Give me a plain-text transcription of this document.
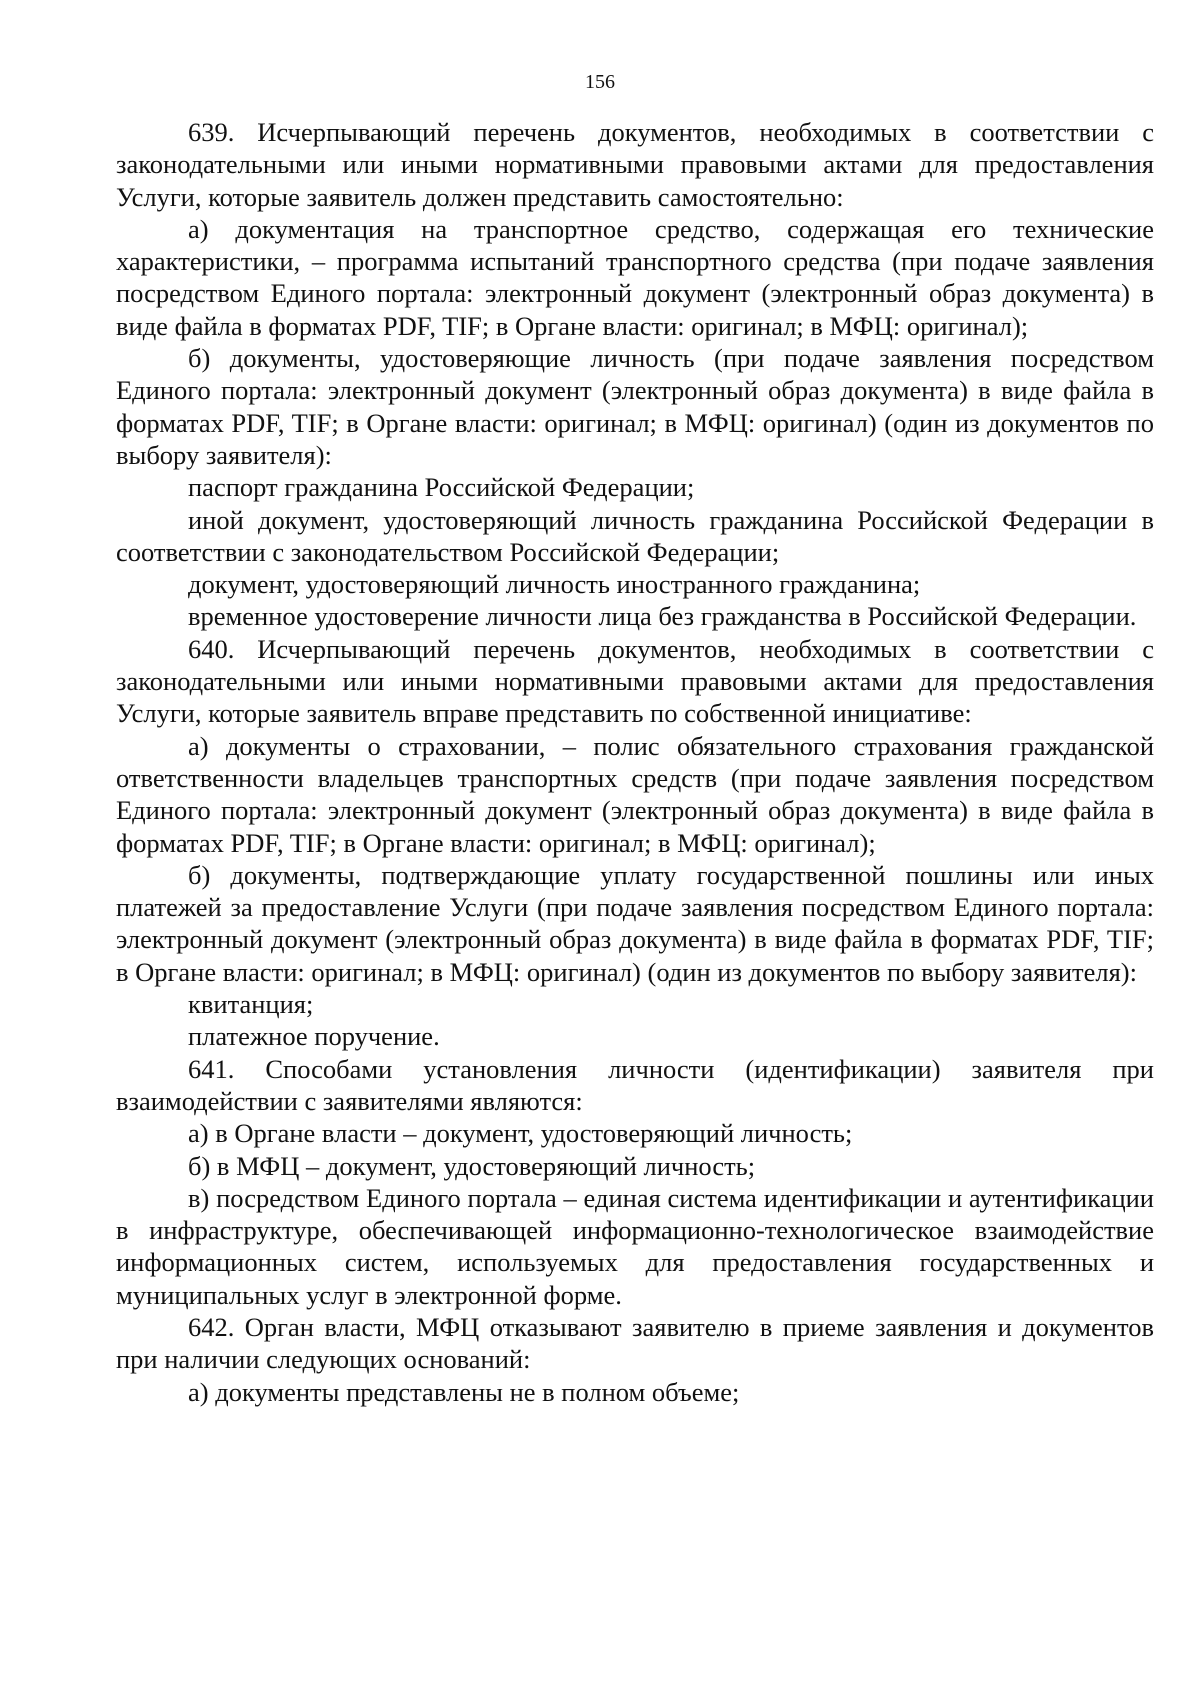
156

639. Исчерпывающий перечень документов, необходимых в соответствии с законодательными или иными нормативными правовыми актами для предоставления Услуги, которые заявитель должен представить самостоятельно:

а) документация на транспортное средство, содержащая его технические характеристики, – программа испытаний транспортного средства (при подаче заявления посредством Единого портала: электронный документ (электронный образ документа) в виде файла в форматах PDF, TIF; в Органе власти: оригинал; в МФЦ: оригинал);

б) документы, удостоверяющие личность (при подаче заявления посредством Единого портала: электронный документ (электронный образ документа) в виде файла в форматах PDF, TIF; в Органе власти: оригинал; в МФЦ: оригинал) (один из документов по выбору заявителя):

паспорт гражданина Российской Федерации;

иной документ, удостоверяющий личность гражданина Российской Федерации в соответствии с законодательством Российской Федерации;

документ, удостоверяющий личность иностранного гражданина;

временное удостоверение личности лица без гражданства в Российской Федерации.

640. Исчерпывающий перечень документов, необходимых в соответствии с законодательными или иными нормативными правовыми актами для предоставления Услуги, которые заявитель вправе представить по собственной инициативе:

а) документы о страховании, – полис обязательного страхования гражданской ответственности владельцев транспортных средств (при подаче заявления посредством Единого портала: электронный документ (электронный образ документа) в виде файла в форматах PDF, TIF; в Органе власти: оригинал; в МФЦ: оригинал);

б) документы, подтверждающие уплату государственной пошлины или иных платежей за предоставление Услуги (при подаче заявления посредством Единого портала: электронный документ (электронный образ документа) в виде файла в форматах PDF, TIF; в Органе власти: оригинал; в МФЦ: оригинал) (один из документов по выбору заявителя):

квитанция;

платежное поручение.

641. Способами установления личности (идентификации) заявителя при взаимодействии с заявителями являются:

а) в Органе власти – документ, удостоверяющий личность;

б) в МФЦ – документ, удостоверяющий личность;

в) посредством Единого портала – единая система идентификации и аутентификации в инфраструктуре, обеспечивающей информационно-технологическое взаимодействие информационных систем, используемых для предоставления государственных и муниципальных услуг в электронной форме.

642. Орган власти, МФЦ отказывают заявителю в приеме заявления и документов при наличии следующих оснований:

а) документы представлены не в полном объеме;
